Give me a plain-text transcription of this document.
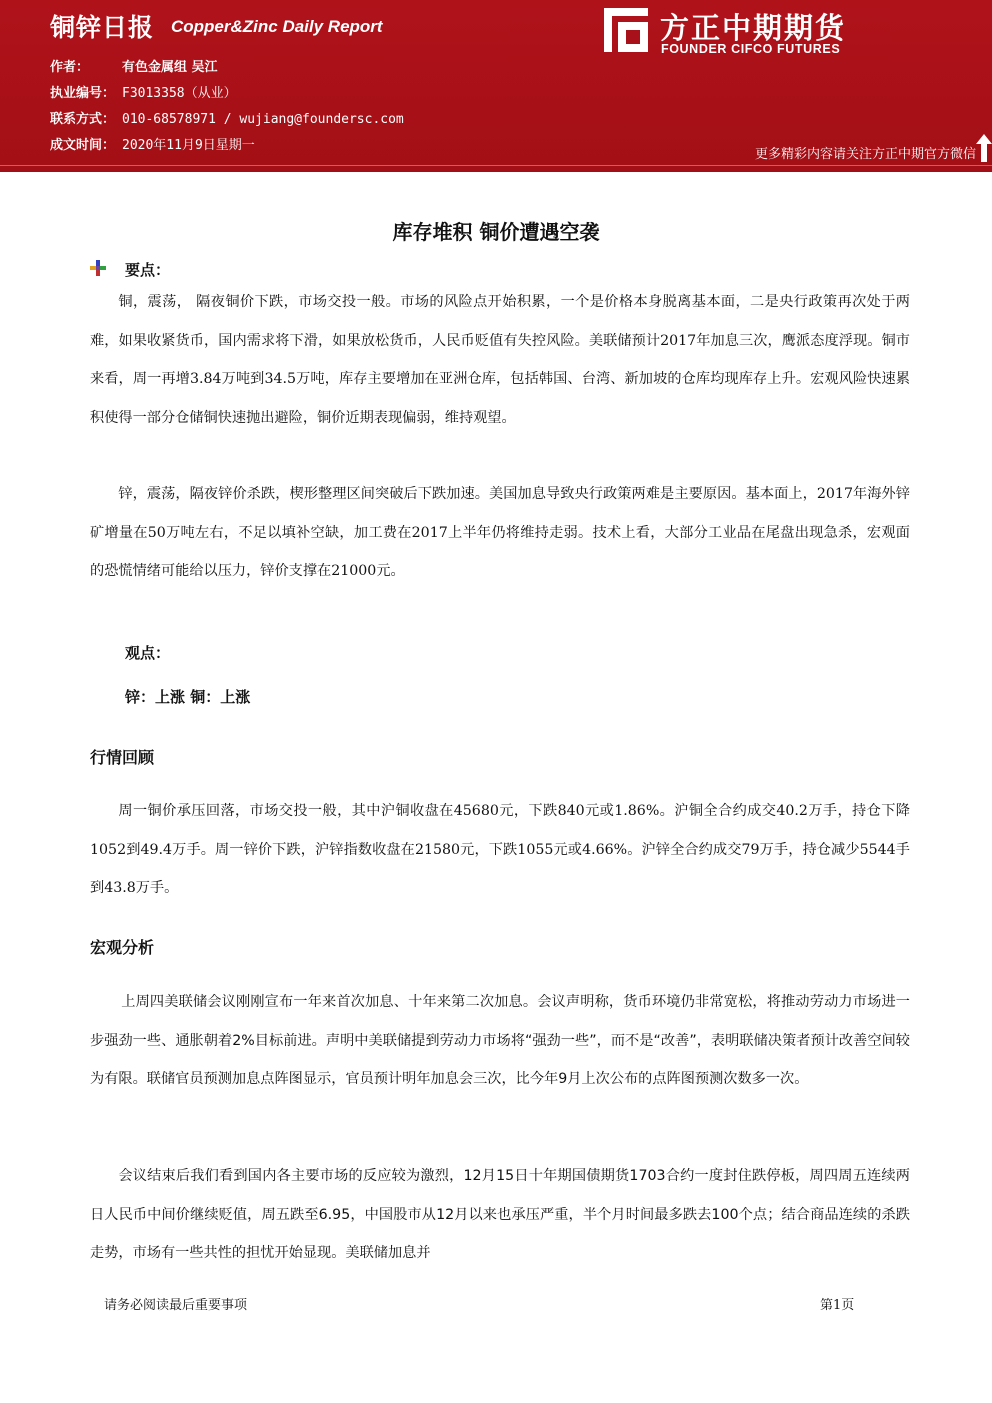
铜锌日报 Copper&Zinc Daily Report
作者：	有色金属组 吴江
执业编号： F3013358（从业）
联系方式： 010-68578971 / wujiang@foundersc.com
成文时间： 2020年11月9日星期一
方正中期期货
FOUNDER CIFCO FUTURES
更多精彩内容请关注方正中期官方微信
库存堆积 铜价遭遇空袭
要点：

铜，震荡， 隔夜铜价下跌，市场交投一般。市场的风险点开始积累，一个是价格本身脱离基本面，二是央行政策再次处于两难，如果收紧货币，国内需求将下滑，如果放松货币，人民币贬值有失控风险。美联储预计2017年加息三次，鹰派态度浮现。铜市来看，周一再增3.84万吨到34.5万吨，库存主要增加在亚洲仓库，包括韩国、台湾、新加坡的仓库均现库存上升。宏观风险快速累积使得一部分仓储铜快速抛出避险，铜价近期表现偏弱，维持观望。

锌，震荡，隔夜锌价杀跌，楔形整理区间突破后下跌加速。美国加息导致央行政策两难是主要原因。基本面上，2017年海外锌矿增量在50万吨左右，不足以填补空缺，加工费在2017上半年仍将维持走弱。技术上看，大部分工业品在尾盘出现急杀，宏观面的恐慌情绪可能给以压力，锌价支撑在21000元。

观点：
锌：上涨 铜：上涨
行情回顾

周一铜价承压回落，市场交投一般，其中沪铜收盘在45680元，下跌840元或1.86%。沪铜全合约成交40.2万手，持仓下降1052到49.4万手。周一锌价下跌，沪锌指数收盘在21580元，下跌1055元或4.66%。沪锌全合约成交79万手，持仓减少5544手到43.8万手。

宏观分析

上周四美联储会议刚刚宣布一年来首次加息、十年来第二次加息。会议声明称，货币环境仍非常宽松，将推动劳动力市场进一步强劲一些、通胀朝着2%目标前进。声明中美联储提到劳动力市场将“强劲一些”，而不是“改善”，表明联储决策者预计改善空间较为有限。联储官员预测加息点阵图显示，官员预计明年加息会三次，比今年9月上次公布的点阵图预测次数多一次。

会议结束后我们看到国内各主要市场的反应较为激烈，12月15日十年期国债期货1703合约一度封住跌停板，周四周五连续两日人民币中间价继续贬值，周五跌至6.95，中国股市从12月以来也承压严重，半个月时间最多跌去100个点；结合商品连续的杀跌走势，市场有一些共性的担忧开始显现。美联储加息并

请务必阅读最后重要事项	第1页
